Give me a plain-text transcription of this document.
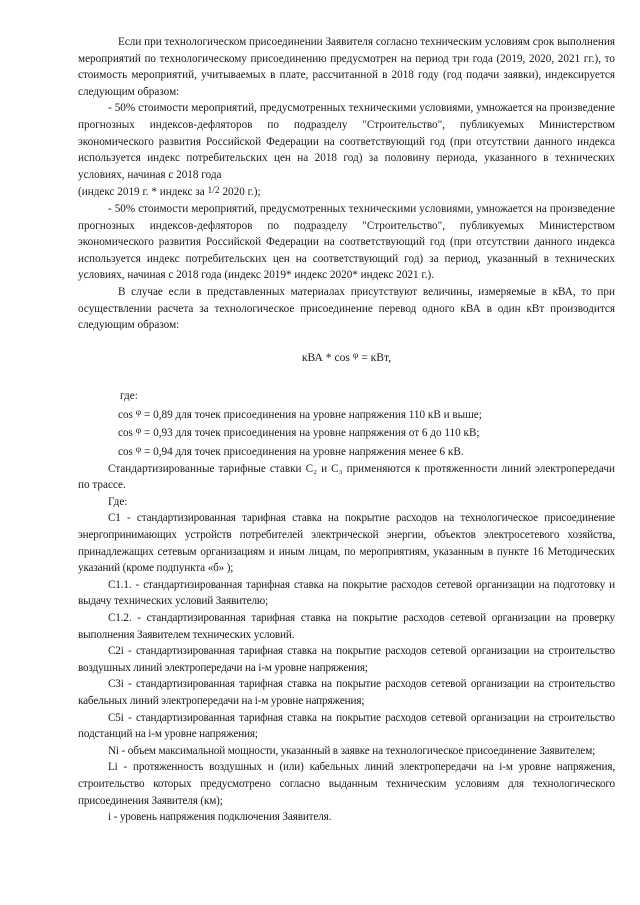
Если при технологическом присоединении Заявителя согласно техническим условиям срок выполнения мероприятий по технологическому присоединению предусмотрен на период три года (2019, 2020, 2021 гг.), то стоимость мероприятий, учитываемых в плате, рассчитанной в 2018 году (год подачи заявки), индексируется следующим образом:

- 50% стоимости мероприятий, предусмотренных техническими условиями, умножается на произведение прогнозных индексов-дефляторов по подразделу "Строительство", публикуемых Министерством экономического развития Российской Федерации на соответствующий год (при отсутствии данного индекса используется индекс потребительских цен на 2018 год) за половину периода, указанного в технических условиях, начиная с 2018 года

(индекс 2019 г. * индекс за 1/2 2020 г.);

- 50% стоимости мероприятий, предусмотренных техническими условиями, умножается на произведение прогнозных индексов-дефляторов по подразделу "Строительство", публикуемых Министерством экономического развития Российской Федерации на соответствующий год (при отсутствии данного индекса используется индекс потребительских цен на соответствующий год) за период, указанный в технических условиях, начиная с 2018 года (индекс 2019* индекс 2020* индекс 2021 г.).

В случае если в представленных материалах присутствуют величины, измеряемые в кВА, то при осуществлении расчета за технологическое присоединение перевод одного кВА в один кВт производится следующим образом:

кВА * cos $^\varphi$ = кВт,

где:

cos $^\varphi$ = 0,89 для точек присоединения на уровне напряжения 110 кВ и выше;

cos $^\varphi$ = 0,93 для точек присоединения на уровне напряжения от 6 до 110 кВ;

cos $^\varphi$ = 0,94 для точек присоединения на уровне напряжения менее 6 кВ.

Стандартизированные тарифные ставки С₂ и С₃ применяются к протяженности линий электропередачи по трассе.

Где:

С1 - стандартизированная тарифная ставка на покрытие расходов на технологическое присоединение энергопринимающих устройств потребителей электрической энергии, объектов электросетевого хозяйства, принадлежащих сетевым организациям и иным лицам, по мероприятиям, указанным в пункте 16 Методических указаний (кроме подпункта «б» );

С1.1. - стандартизированная тарифная ставка на покрытие расходов сетевой организации на подготовку и выдачу технических условий Заявителю;

С1.2. - стандартизированная тарифная ставка на покрытие расходов сетевой организации на проверку выполнения Заявителем технических условий.

С2i - стандартизированная тарифная ставка на покрытие расходов сетевой организации на строительство воздушных линий электропередачи на i-м уровне напряжения;

С3i - стандартизированная тарифная ставка на покрытие расходов сетевой организации на строительство кабельных линий электропередачи на i-м уровне напряжения;

С5i - стандартизированная тарифная ставка на покрытие расходов сетевой организации на строительство подстанций на i-м уровне напряжения;

Ni - объем максимальной мощности, указанный в заявке на технологическое присоединение Заявителем;

Li - протяженность воздушных и (или) кабельных линий электропередачи на i-м уровне напряжения, строительство которых предусмотрено согласно выданным техническим условиям для технологического присоединения Заявителя (км);

i - уровень напряжения подключения Заявителя.
